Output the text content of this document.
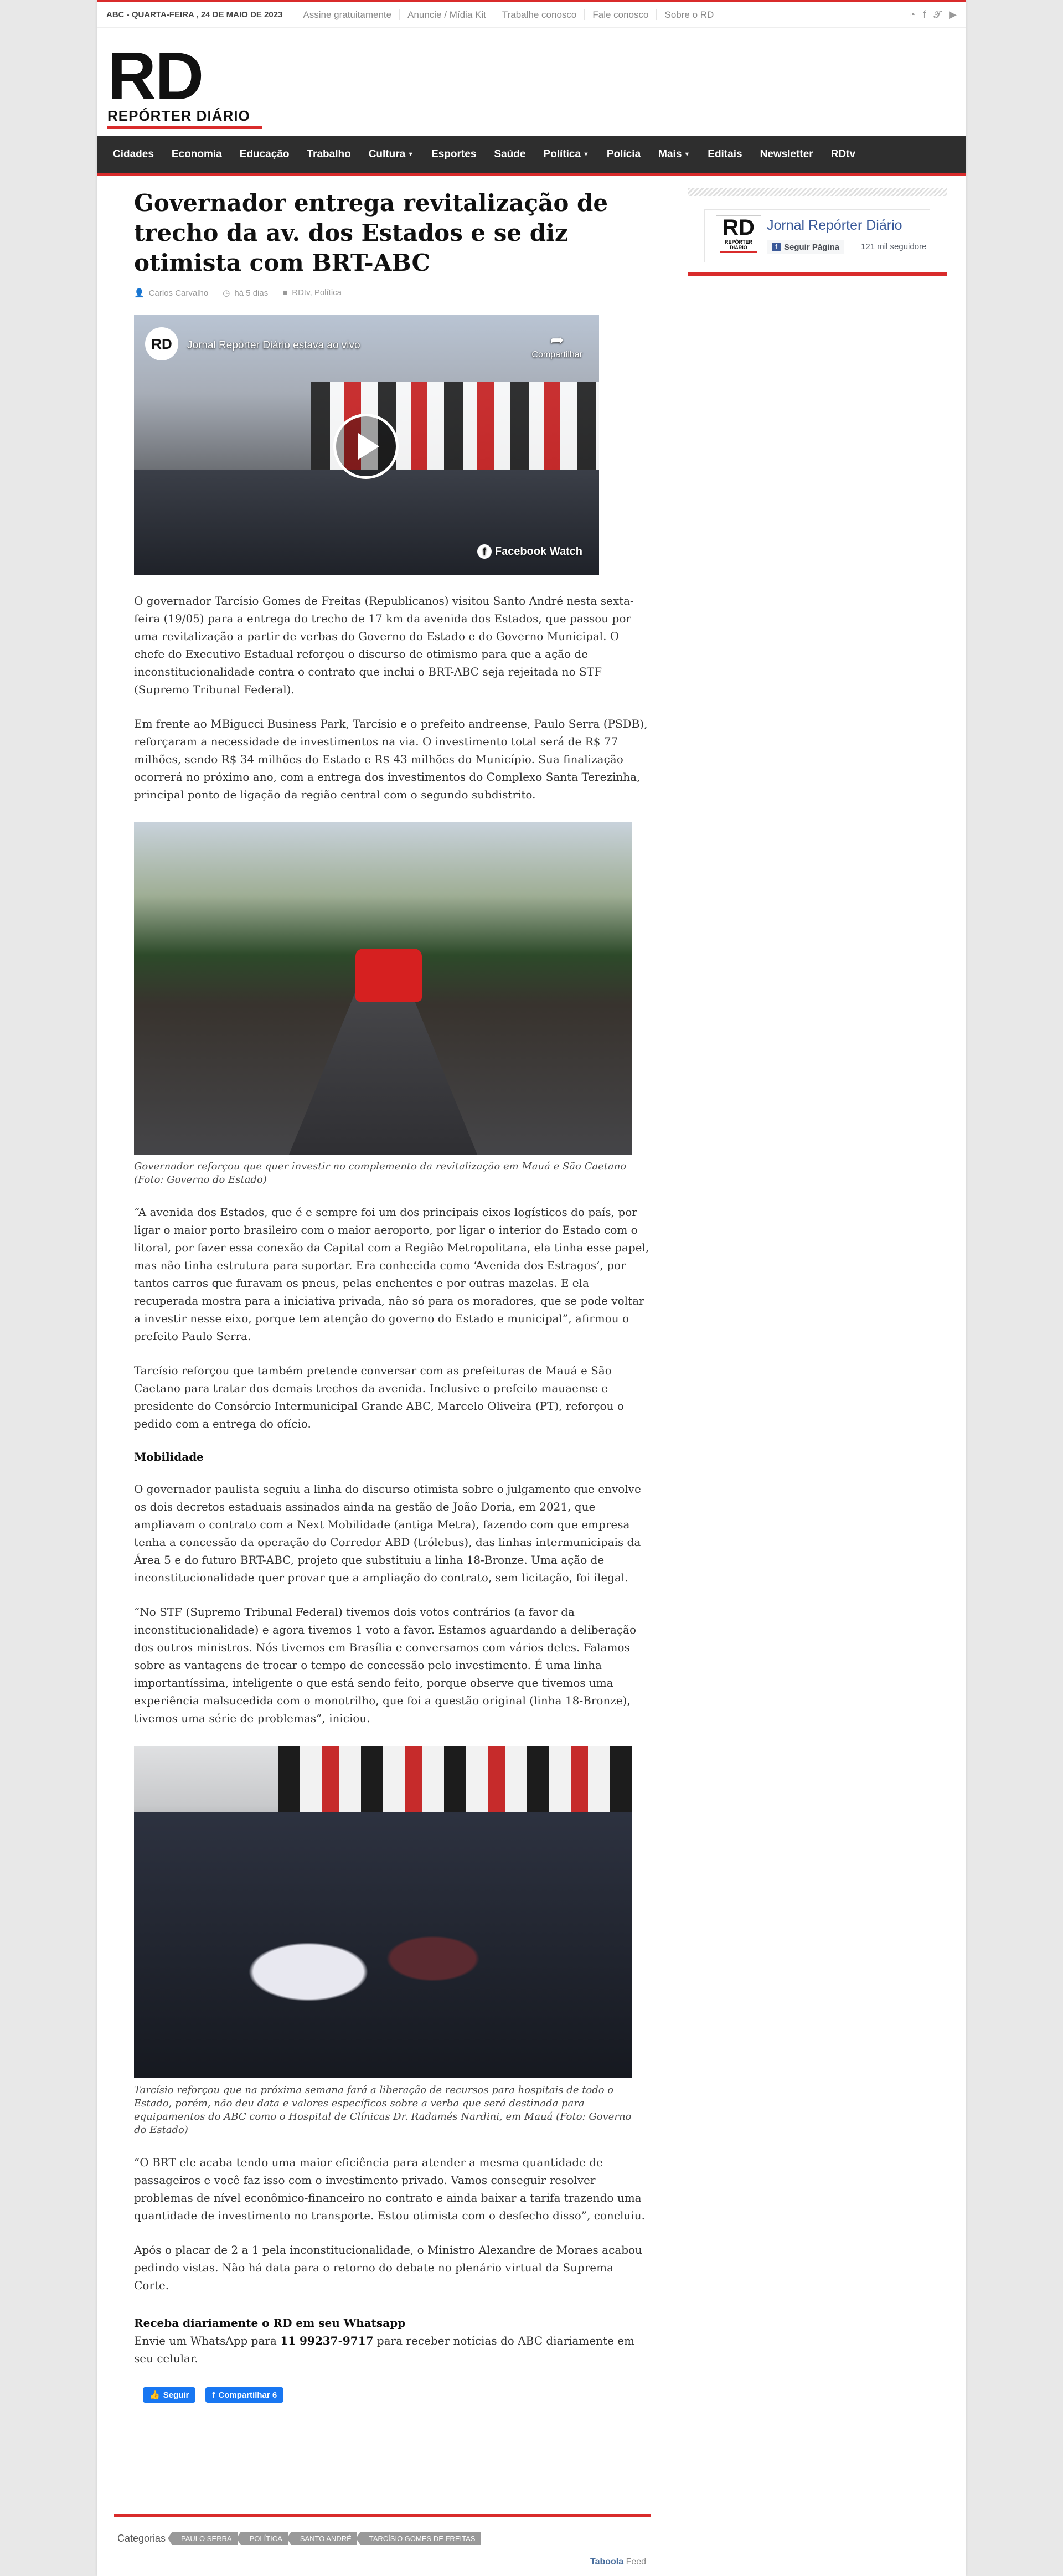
ABC - QUARTA-FEIRA , 24 DE MAIO DE 2023	Assine gratuitamente	Anuncie / Mídia Kit	Trabalhe conosco	Fale conosco	Sobre o RD	◔ f 𝓣 ▶
RD
REPÓRTER DIÁRIO
Cidades Economia Educação Trabalho Cultura ▼ Esportes Saúde Política ▼ Polícia Mais ▼ Editais Newsletter RDtv
Governador entrega revitalização de trecho da av. dos Estados e se diz otimista com BRT-ABC
👤 Carlos Carvalho ◷ há 5 dias ■ RDtv, Política
RD	Jornal Repórter Diário estava ao vivo	➦
Compartilhar
f Facebook Watch

O governador Tarcísio Gomes de Freitas (Republicanos) visitou Santo André nesta sexta-feira (19/05) para a entrega do trecho de 17 km da avenida dos Estados, que passou por uma revitalização a partir de verbas do Governo do Estado e do Governo Municipal. O chefe do Executivo Estadual reforçou o discurso de otimismo para que a ação de inconstitucionalidade contra o contrato que inclui o BRT-ABC seja rejeitada no STF (Supremo Tribunal Federal).

Em frente ao MBigucci Business Park, Tarcísio e o prefeito andreense, Paulo Serra (PSDB), reforçaram a necessidade de investimentos na via. O investimento total será de R$ 77 milhões, sendo R$ 34 milhões do Estado e R$ 43 milhões do Município. Sua finalização ocorrerá no próximo ano, com a entrega dos investimentos do Complexo Santa Terezinha, principal ponto de ligação da região central com o segundo subdistrito.

Governador reforçou que quer investir no complemento da revitalização em Mauá e São Caetano (Foto: Governo do Estado)

“A avenida dos Estados, que é e sempre foi um dos principais eixos logísticos do país, por ligar o maior porto brasileiro com o maior aeroporto, por ligar o interior do Estado com o litoral, por fazer essa conexão da Capital com a Região Metropolitana, ela tinha esse papel, mas não tinha estrutura para suportar. Era conhecida como ‘Avenida dos Estragos’, por tantos carros que furavam os pneus, pelas enchentes e por outras mazelas. E ela recuperada mostra para a iniciativa privada, não só para os moradores, que se pode voltar a investir nesse eixo, porque tem atenção do governo do Estado e municipal”, afirmou o prefeito Paulo Serra.

Tarcísio reforçou que também pretende conversar com as prefeituras de Mauá e São Caetano para tratar dos demais trechos da avenida. Inclusive o prefeito mauaense e presidente do Consórcio Intermunicipal Grande ABC, Marcelo Oliveira (PT), reforçou o pedido com a entrega do ofício.

Mobilidade

O governador paulista seguiu a linha do discurso otimista sobre o julgamento que envolve os dois decretos estaduais assinados ainda na gestão de João Doria, em 2021, que ampliavam o contrato com a Next Mobilidade (antiga Metra), fazendo com que empresa tenha a concessão da operação do Corredor ABD (trólebus), das linhas intermunicipais da Área 5 e do futuro BRT-ABC, projeto que substituiu a linha 18-Bronze. Uma ação de inconstitucionalidade quer provar que a ampliação do contrato, sem licitação, foi ilegal.

“No STF (Supremo Tribunal Federal) tivemos dois votos contrários (a favor da inconstitucionalidade) e agora tivemos 1 voto a favor. Estamos aguardando a deliberação dos outros ministros. Nós tivemos em Brasília e conversamos com vários deles. Falamos sobre as vantagens de trocar o tempo de concessão pelo investimento. É uma linha importantíssima, inteligente o que está sendo feito, porque observe que tivemos uma experiência malsucedida com o monotrilho, que foi a questão original (linha 18-Bronze), tivemos uma série de problemas”, iniciou.

Tarcísio reforçou que na próxima semana fará a liberação de recursos para hospitais de todo o Estado, porém, não deu data e valores específicos sobre a verba que será destinada para equipamentos do ABC como o Hospital de Clínicas Dr. Radamés Nardini, em Mauá (Foto: Governo do Estado)

“O BRT ele acaba tendo uma maior eficiência para atender a mesma quantidade de passageiros e você faz isso com o investimento privado. Vamos conseguir resolver problemas de nível econômico-financeiro no contrato e ainda baixar a tarifa trazendo uma quantidade de investimento no transporte. Estou otimista com o desfecho disso”, concluiu.

Após o placar de 2 a 1 pela inconstitucionalidade, o Ministro Alexandre de Moraes acabou pedindo vistas. Não há data para o retorno do debate no plenário virtual da Suprema Corte.

Receba diariamente o RD em seu Whatsapp
Envie um WhatsApp para 11 99237-9717 para receber notícias do ABC diariamente em seu celular.
👍 Seguir	f Compartilhar 6
Categorias	PAULO SERRA	POLÍTICA	SANTO ANDRÉ	TARCÍSIO GOMES DE FREITAS
Taboola Feed
RD
REPÓRTER DIÁRIO
Jornal Repórter Diário
f Seguir Página	121 mil seguidore
